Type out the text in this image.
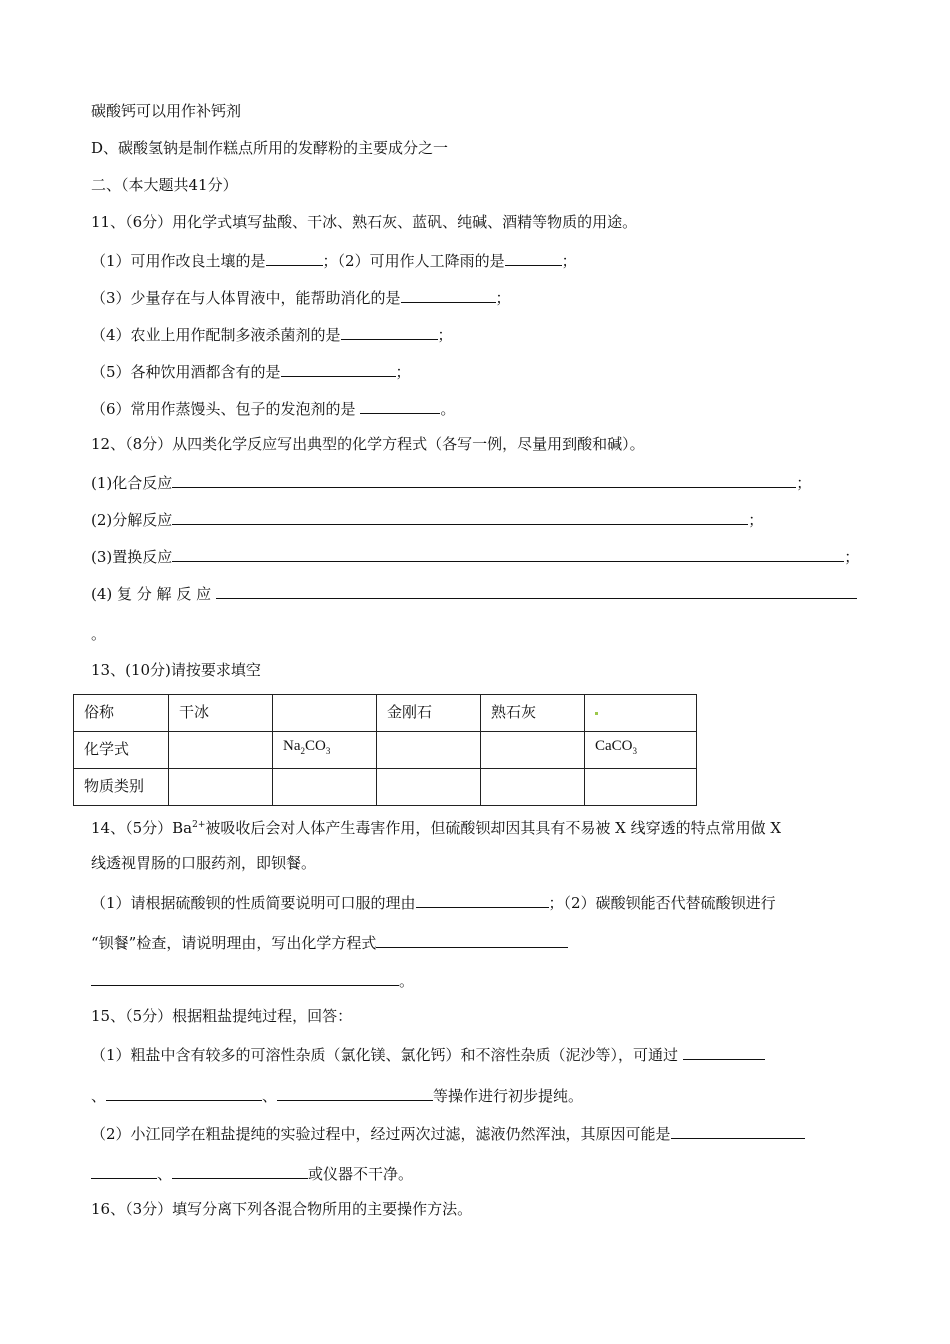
碳酸钙可以用作补钙剂
D、碳酸氢钠是制作糕点所用的发酵粉的主要成分之一
二、（本大题共41分）
11、（6分）用化学式填写盐酸、干冰、熟石灰、蓝矾、纯碱、酒精等物质的用途。
（1）可用作改良土壤的是	；（2）可用作人工降雨的是	；
（3）少量存在与人体胃液中，能帮助消化的是	；
（4）农业上用作配制多液杀菌剂的是	；
（5）各种饮用酒都含有的是	；
（6）常用作蒸馒头、包子的发泡剂的是	。
12、（8分）从四类化学反应写出典型的化学方程式（各写一例，尽量用到酸和碱）。
(1)化合反应	；
(2)分解反应	；
(3)置换反应	；
(4) 复 分 解 反 应
。
13、(10分)请按要求填空
俗称	干冰		金刚石	熟石灰	
化学式		$Na_2CO_3$			CaCO$_3$
物质类别					
14、（5分）$Ba^{2+}$被吸收后会对人体产生毒害作用，但硫酸钡却因其具有不易被 X 线穿透的特点常用做 X
线透视胃肠的口服药剂，即钡餐。
（1）请根据硫酸钡的性质简要说明可口服的理由	；（2）碳酸钡能否代替硫酸钡进行
“钡餐”检查，请说明理由，写出化学方程式
。
15、（5分）根据粗盐提纯过程，回答：
（1）粗盐中含有较多的可溶性杂质（氯化镁、氯化钙）和不溶性杂质（泥沙等），可通过
、	、	等操作进行初步提纯。
（2）小江同学在粗盐提纯的实验过程中，经过两次过滤，滤液仍然浑浊，其原因可能是
、	或仪器不干净。
16、（3分）填写分离下列各混合物所用的主要操作方法。
